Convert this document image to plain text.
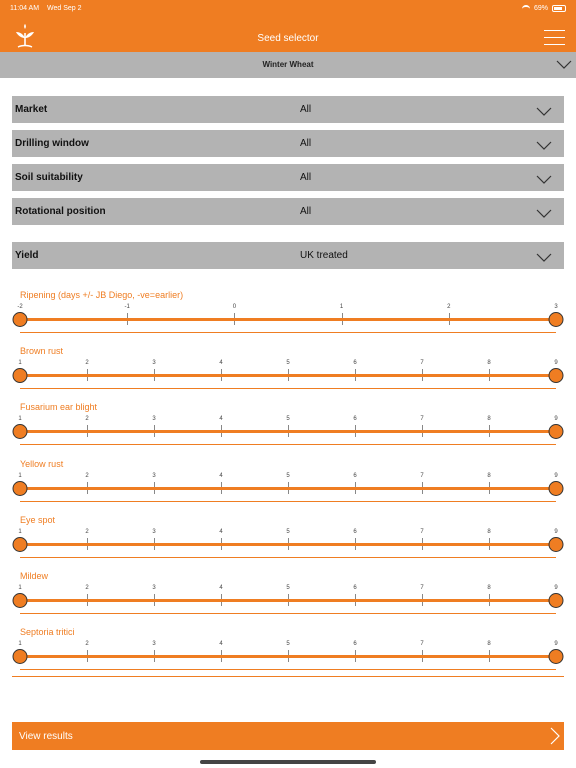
11:04 AM Wed Sep 2	69%
Seed selector
Winter Wheat
Market	All
Drilling window	All
Soil suitability	All
Rotational position	All
Yield	UK treated
Ripening (days +/- JB Diego, -ve=earlier)
-2	-1	0	1	2	3
Brown rust
1	2	3	4	5	6	7	8	9
Fusarium ear blight
1	2	3	4	5	6	7	8	9
Yellow rust
1	2	3	4	5	6	7	8	9
Eye spot
1	2	3	4	5	6	7	8	9
Mildew
1	2	3	4	5	6	7	8	9
Septoria tritici
1	2	3	4	5	6	7	8	9
View results
